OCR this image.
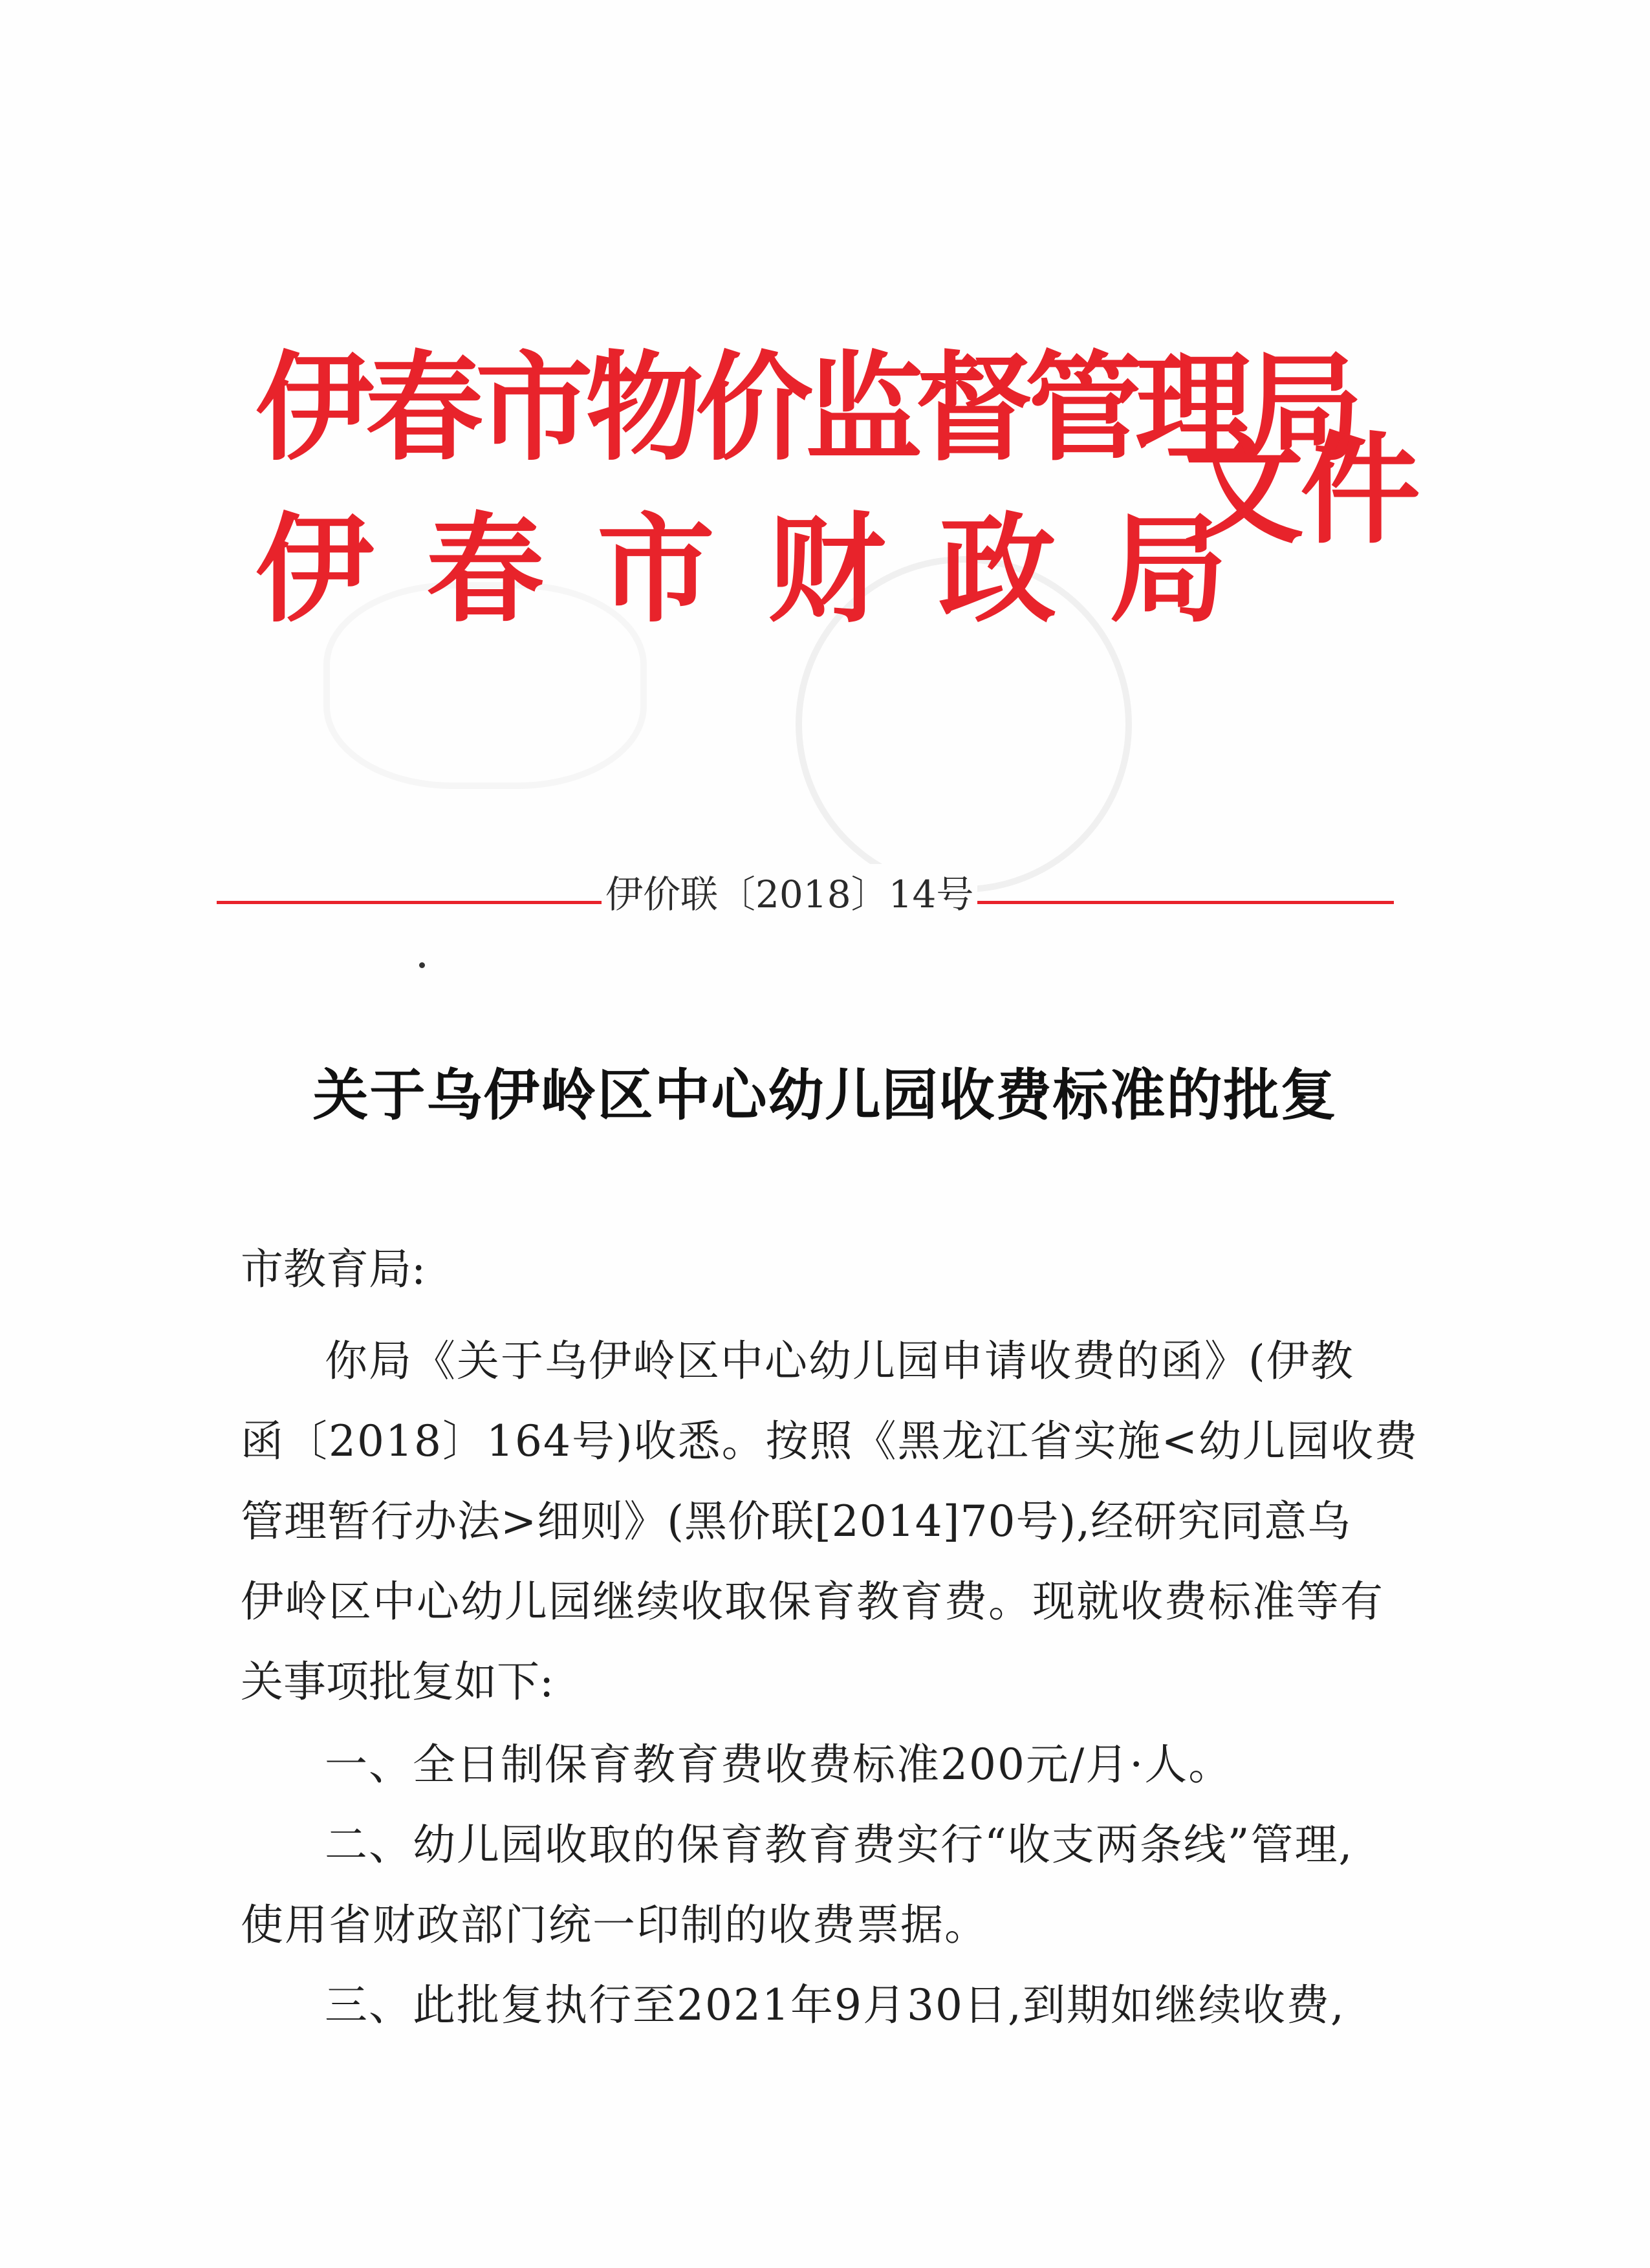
伊春市物价监督管理局
伊春市财政局
文件
伊价联〔2018〕14号
关于乌伊岭区中心幼儿园收费标准的批复
市教育局:
你局《关于乌伊岭区中心幼儿园申请收费的函》(伊教
函〔2018〕164号)收悉。按照《黑龙江省实施<幼儿园收费
管理暂行办法>细则》(黑价联[2014]70号),经研究同意乌
伊岭区中心幼儿园继续收取保育教育费。现就收费标准等有
关事项批复如下:
一、全日制保育教育费收费标准200元/月·人。
二、幼儿园收取的保育教育费实行“收支两条线”管理,
使用省财政部门统一印制的收费票据。
三、此批复执行至2021年9月30日,到期如继续收费,
